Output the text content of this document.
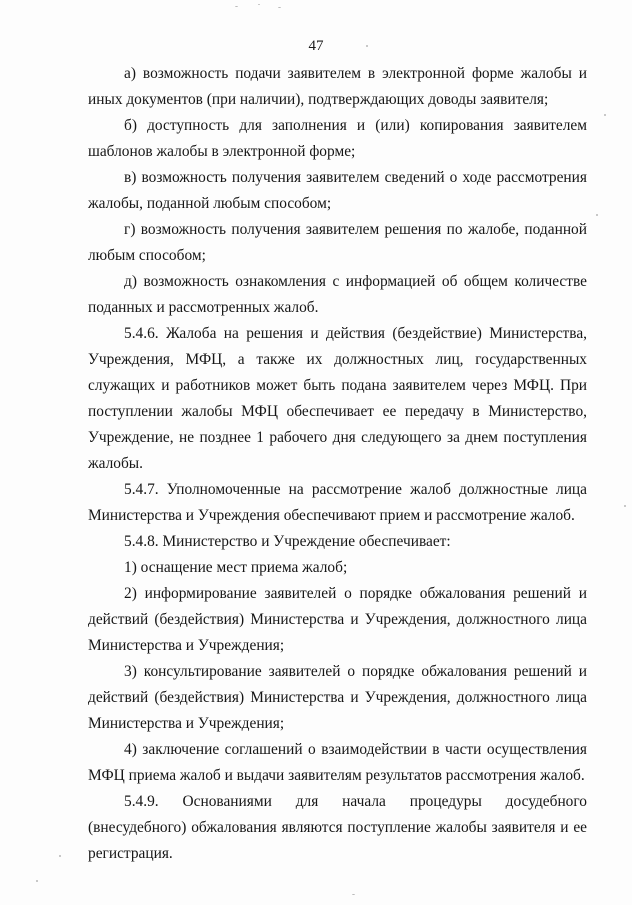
47

а) возможность подачи заявителем в электронной форме жалобы и иных документов (при наличии), подтверждающих доводы заявителя;

б) доступность для заполнения и (или) копирования заявителем шаблонов жалобы в электронной форме;

в) возможность получения заявителем сведений о ходе рассмотрения жалобы, поданной любым способом;

г) возможность получения заявителем решения по жалобе, поданной любым способом;

д) возможность ознакомления с информацией об общем количестве поданных и рассмотренных жалоб.

5.4.6. Жалоба на решения и действия (бездействие) Министерства, Учреждения, МФЦ, а также их должностных лиц, государственных служащих и работников может быть подана заявителем через МФЦ. При поступлении жалобы МФЦ обеспечивает ее передачу в Министерство, Учреждение, не позднее 1 рабочего дня следующего за днем поступления жалобы.

5.4.7. Уполномоченные на рассмотрение жалоб должностные лица Министерства и Учреждения обеспечивают прием и рассмотрение жалоб.

5.4.8. Министерство и Учреждение обеспечивает:

1) оснащение мест приема жалоб;

2) информирование заявителей о порядке обжалования решений и действий (бездействия) Министерства и Учреждения, должностного лица Министерства и Учреждения;

3) консультирование заявителей о порядке обжалования решений и действий (бездействия) Министерства и Учреждения, должностного лица Министерства и Учреждения;

4) заключение соглашений о взаимодействии в части осуществления МФЦ приема жалоб и выдачи заявителям результатов рассмотрения жалоб.

5.4.9. Основаниями для начала процедуры досудебного (внесудебного) обжалования являются поступление жалобы заявителя и ее регистрация.
